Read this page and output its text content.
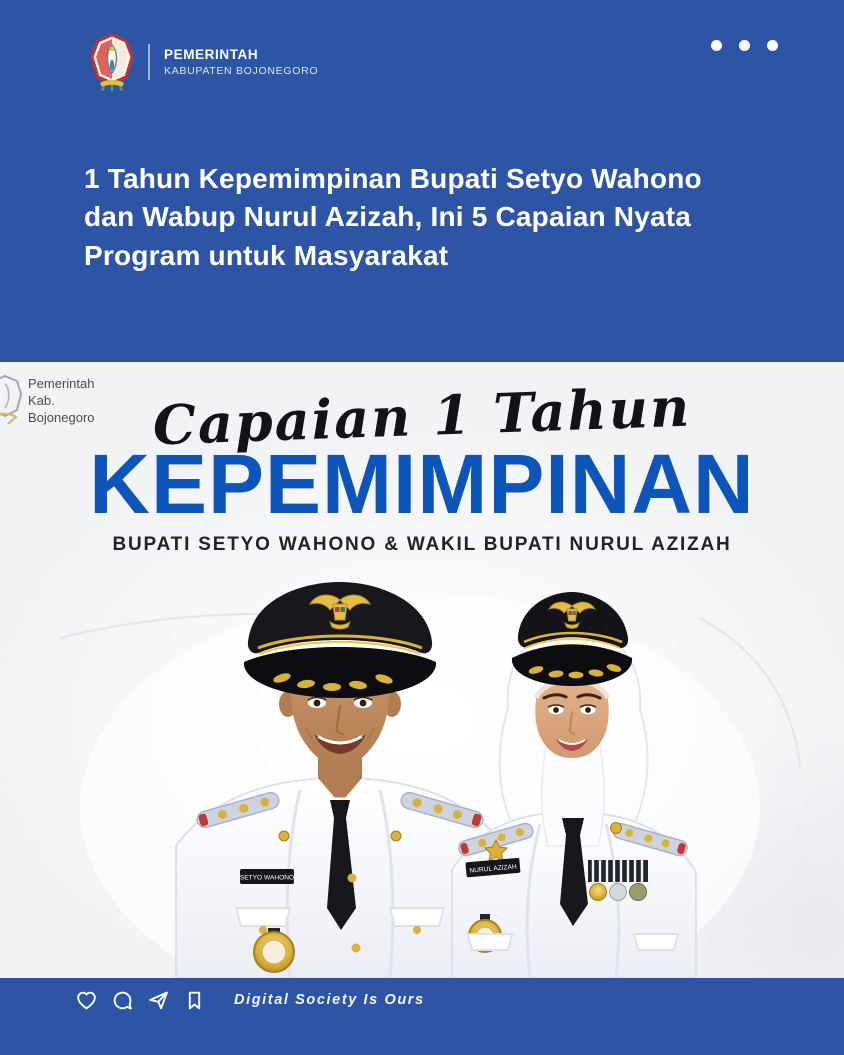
PEMERINTAH
KABUPATEN BOJONEGORO
1 Tahun Kepemimpinan Bupati Setyo Wahono
dan Wabup Nurul Azizah, Ini 5 Capaian Nyata
Program untuk Masyarakat
Pemerintah
Kab. Bojonegoro	Capaian 1 Tahun
KEPEMIMPINAN
BUPATI SETYO WAHONO & WAKIL BUPATI NURUL AZIZAH
SETYO WAHONO
NURUL AZIZAH
Digital Society Is Ours
